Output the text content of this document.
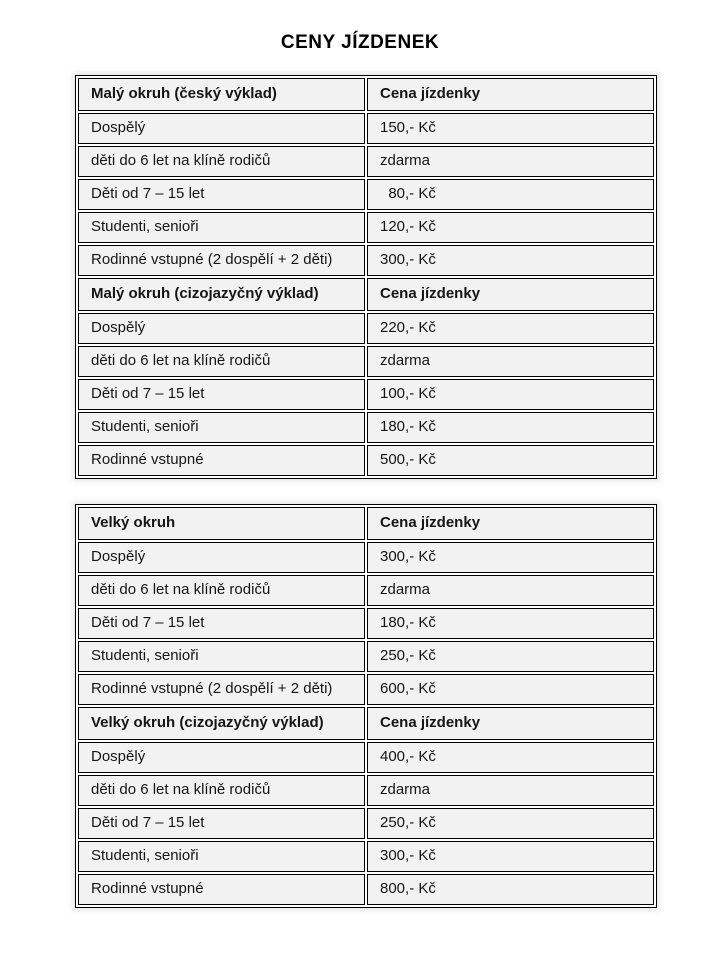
CENY JÍZDENEK
Malý okruh (český výklad)	Cena jízdenky
Dospělý	150,- Kč
děti do 6 let na klíně rodičů	zdarma
Děti od 7 – 15 let	80,- Kč
Studenti, senioři	120,- Kč
Rodinné vstupné (2 dospělí + 2 děti)	300,- Kč
Malý okruh (cizojazyčný výklad)	Cena jízdenky
Dospělý	220,- Kč
děti do 6 let na klíně rodičů	zdarma
Děti od 7 – 15 let	100,- Kč
Studenti, senioři	180,- Kč
Rodinné vstupné	500,- Kč
Velký okruh	Cena jízdenky
Dospělý	300,- Kč
děti do 6 let na klíně rodičů	zdarma
Děti od 7 – 15 let	180,- Kč
Studenti, senioři	250,- Kč
Rodinné vstupné (2 dospělí + 2 děti)	600,- Kč
Velký okruh (cizojazyčný výklad)	Cena jízdenky
Dospělý	400,- Kč
děti do 6 let na klíně rodičů	zdarma
Děti od 7 – 15 let	250,- Kč
Studenti, senioři	300,- Kč
Rodinné vstupné	800,- Kč
